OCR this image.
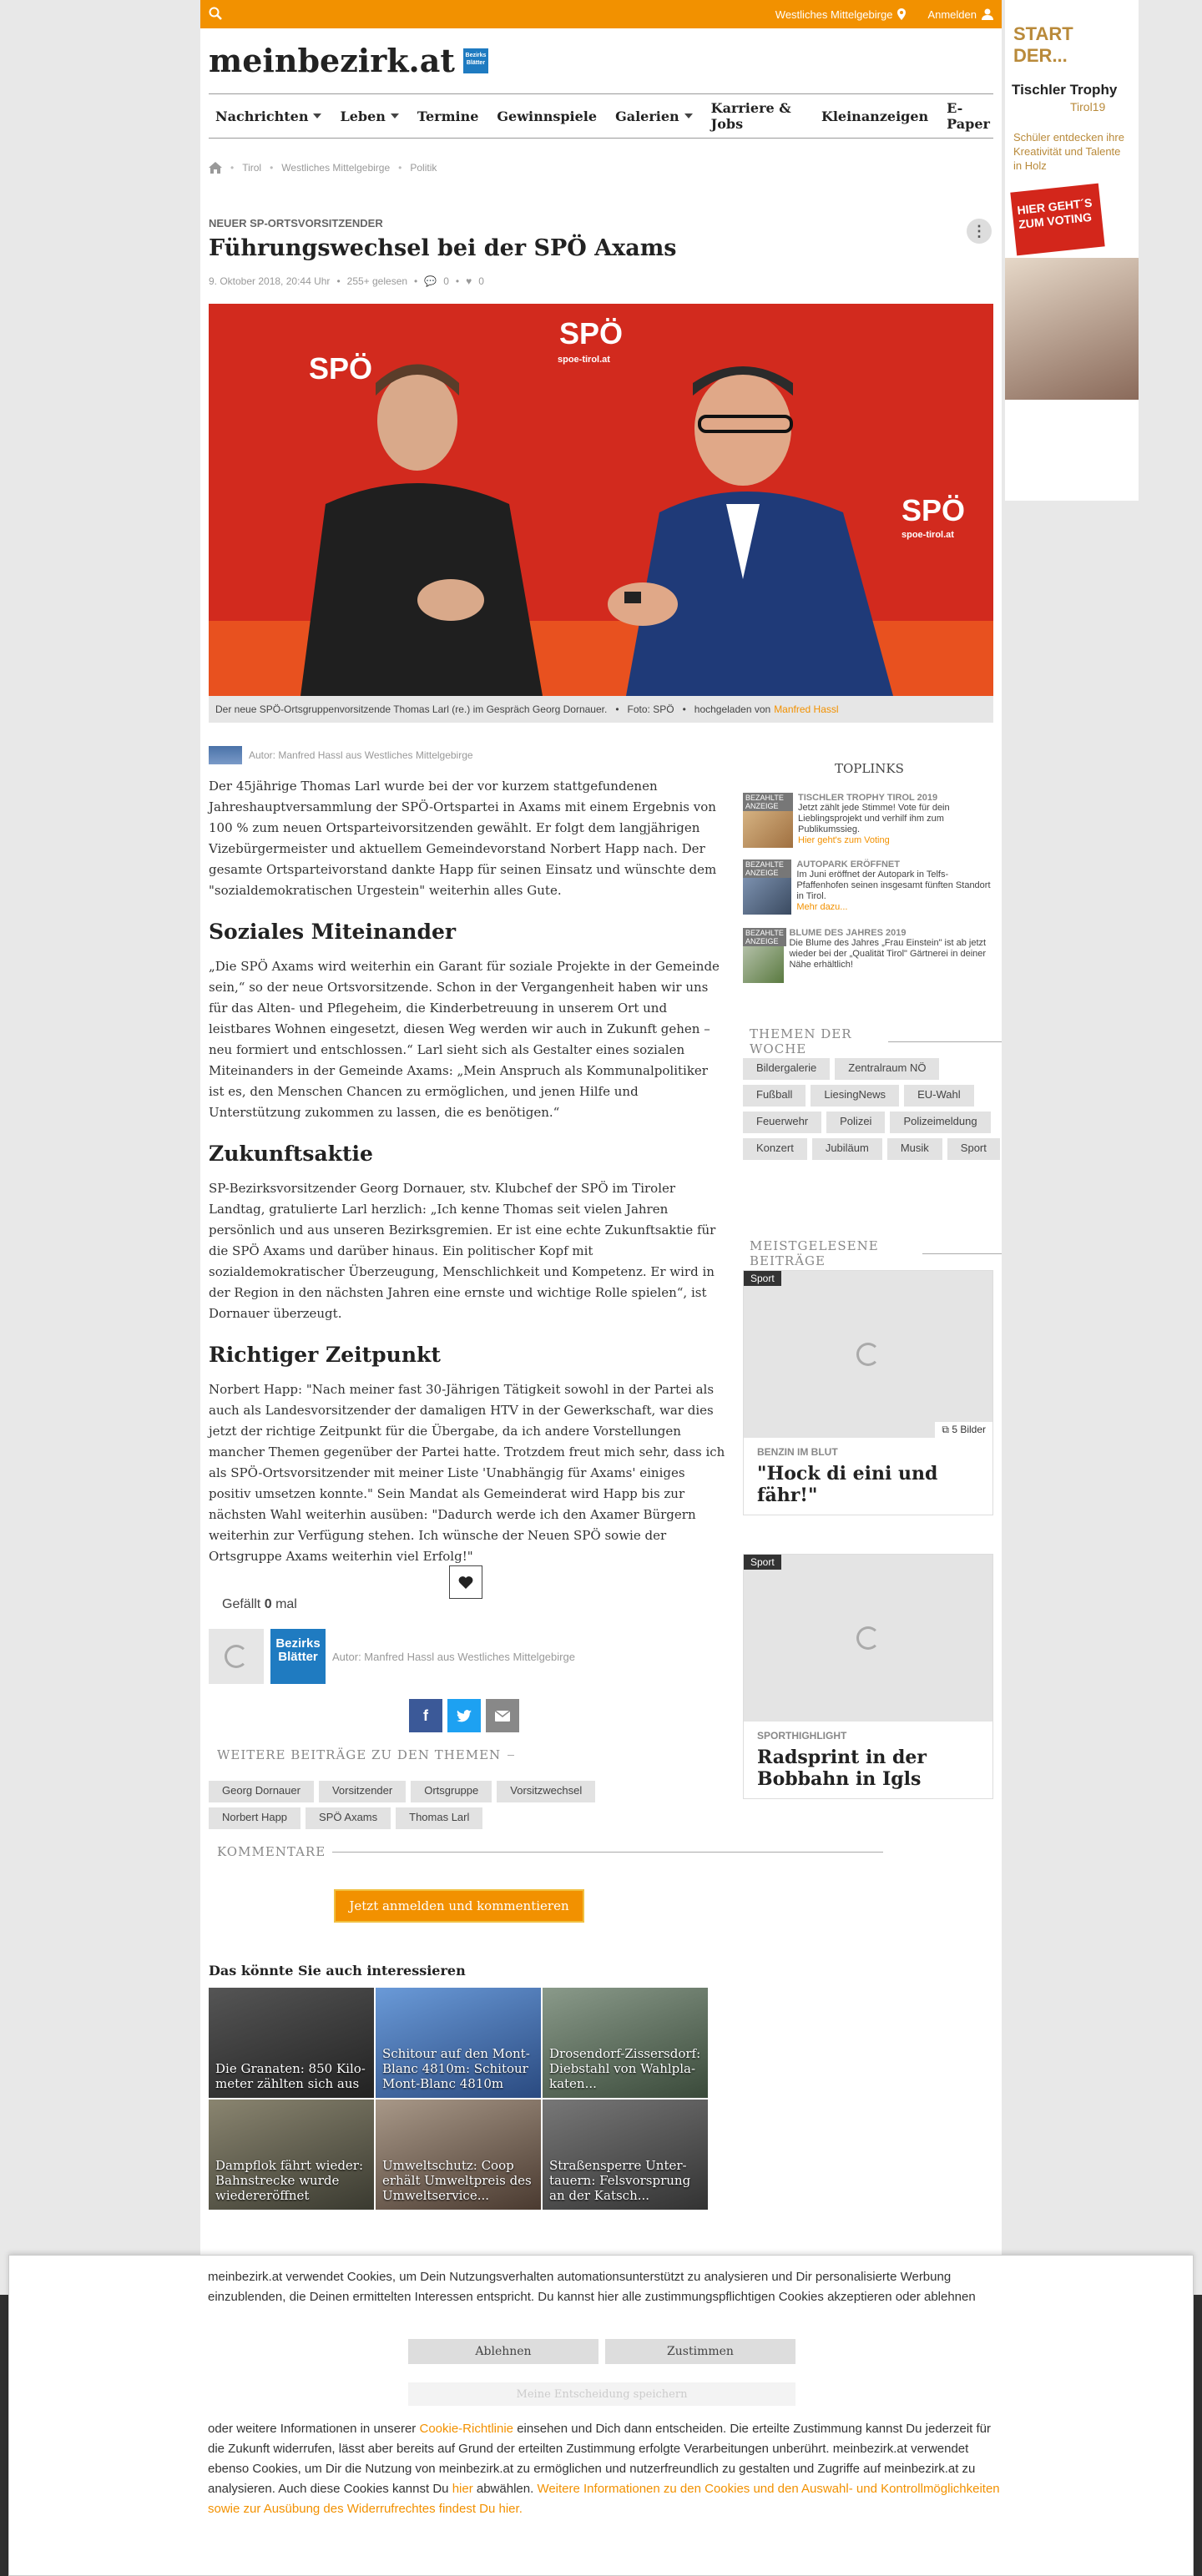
Westliches Mittelgebirge	Anmelden
meinbezirk.at	Bezirks
Blätter
Nachrichten Leben Termine Gewinnspiele Galerien Karriere & Jobs	Kleinanzeigen E-Paper
• Tirol • Westliches Mittelgebirge • Politik
NEUER SP-ORTSVORSITZENDER
Führungswechsel bei der SPÖ Axams
⋮
9. Oktober 2018, 20:44 Uhr • 255+ gelesen • 💬 0 • ♥ 0
SPÖ
SPÖ
SPÖ
spoe-tirol.at
spoe-tirol.at
Der neue SPÖ-Ortsgruppenvorsitzende Thomas Larl (re.) im Gespräch Georg Dornauer. • Foto: SPÖ • hochgeladen von Manfred Hassl
Autor: Manfred Hassl aus Westliches Mittelgebirge

Der 45jährige Thomas Larl wurde bei der vor kurzem stattgefundenen Jahreshauptversammlung der SPÖ-Ortspartei in Axams mit einem Ergebnis von 100 % zum neuen Ortsparteivorsitzenden gewählt. Er folgt dem langjährigen Vizebürgermeister und aktuellem Gemeindevorstand Norbert Happ nach. Der gesamte Ortsparteivorstand dankte Happ für seinen Einsatz und wünschte dem "sozialdemokratischen Urgestein" weiterhin alles Gute.

Soziales Miteinander

„Die SPÖ Axams wird weiterhin ein Garant für soziale Projekte in der Gemeinde sein,“ so der neue Ortsvorsitzende. Schon in der Vergangenheit haben wir uns für das Alten- und Pflegeheim, die Kinderbetreuung in unserem Ort und leistbares Wohnen eingesetzt, diesen Weg werden wir auch in Zukunft gehen – neu formiert und entschlossen.“ Larl sieht sich als Gestalter eines sozialen Miteinanders in der Gemeinde Axams: „Mein Anspruch als Kommunalpolitiker ist es, den Menschen Chancen zu ermöglichen, und jenen Hilfe und Unterstützung zukommen zu lassen, die es benötigen.“

Zukunftsaktie

SP-Bezirksvorsitzender Georg Dornauer, stv. Klubchef der SPÖ im Tiroler Landtag, gratulierte Larl herzlich: „Ich kenne Thomas seit vielen Jahren persönlich und aus unseren Bezirksgremien. Er ist eine echte Zukunftsaktie für die SPÖ Axams und darüber hinaus. Ein politischer Kopf mit sozialdemokratischer Überzeugung, Menschlichkeit und Kompetenz. Er wird in der Region in den nächsten Jahren eine ernste und wichtige Rolle spielen“, ist Dornauer überzeugt.

Richtiger Zeitpunkt

Norbert Happ: "Nach meiner fast 30-Jährigen Tätigkeit sowohl in der Partei als auch als Landesvorsitzender der damaligen HTV in der Gewerkschaft, war dies jetzt der richtige Zeitpunkt für die Übergabe, da ich andere Vorstellungen mancher Themen gegenüber der Partei hatte. Trotzdem freut mich sehr, dass ich als SPÖ-Ortsvorsitzender mit meiner Liste 'Unabhängig für Axams' einiges positiv umsetzen konnte." Sein Mandat als Gemeinderat wird Happ bis zur nächsten Wahl weiterhin ausüben: "Dadurch werde ich den Axamer Bürgern weiterhin zur Verfügung stehen. Ich wünsche der Neuen SPÖ sowie der Ortsgruppe Axams weiterhin viel Erfolg!"

Gefällt 0 mal
Bezirks
Blätter	Autor: Manfred Hassl aus Westliches Mittelgebirge
f
WEITERE BEITRÄGE ZU DEN THEMEN
Georg Dornauer	Vorsitzender	Ortsgruppe	Vorsitzwechsel
Norbert Happ	SPÖ Axams	Thomas Larl
KOMMENTARE
Jetzt anmelden und kommentieren
Das könnte Sie auch interessieren
Die Granaten: 850 Kilo-meter zählten sich aus
Schitour auf den Mont-Blanc 4810m: Schitour Mont-Blanc 4810m
Drosendorf-Zissersdorf: Diebstahl von Wahlpla-katen...
Dampflok fährt wieder: Bahnstrecke wurde wiedereröffnet
Umweltschutz: Coop erhält Umweltpreis des Umweltservice...
Straßensperre Unter-tauern: Felsvorsprung an der Katsch...
TOPLINKS
BEZAHLTE ANZEIGE
TISCHLER TROPHY TIROL 2019
Jetzt zählt jede Stimme! Vote für dein Lieblingsprojekt und verhilf ihm zum Publikumssieg.
Hier geht's zum Voting
BEZAHLTE ANZEIGE
AUTOPARK ERÖFFNET
Im Juni eröffnet der Autopark in Telfs-Pfaffenhofen seinen insgesamt fünften Standort in Tirol.
Mehr dazu...
BEZAHLTE ANZEIGE
BLUME DES JAHRES 2019
Die Blume des Jahres „Frau Einstein" ist ab jetzt wieder bei der „Qualität Tirol" Gärtnerei in deiner Nähe erhältlich!
THEMEN DER WOCHE
Bildergalerie	Zentralraum NÖ
Fußball	LiesingNews	EU-Wahl
Feuerwehr	Polizei	Polizeimeldung
Konzert	Jubiläum	Musik	Sport
MEISTGELESENE BEITRÄGE
Sport
⧉ 5 Bilder
BENZIN IM BLUT
"Hock di eini und fähr!"
Sport
SPORTHIGHLIGHT
Radsprint in der Bobbahn in Igls
START DER...
Tischler Trophy
Tirol19
Schüler entdecken ihre Kreativität und Talente in Holz
HIER GEHT´S ZUM VOTING
meinbezirk.at verwendet Cookies, um Dein Nutzungsverhalten automationsunterstützt zu analysieren und Dir personalisierte Werbung einzublenden, die Deinen ermittelten Interessen entspricht. Du kannst hier alle zustimmungspflichtigen Cookies akzeptieren oder ablehnen
Ablehnen	Zustimmen
Meine Entscheidung speichern
oder weitere Informationen in unserer Cookie-Richtlinie einsehen und Dich dann entscheiden. Die erteilte Zustimmung kannst Du jederzeit für die Zukunft widerrufen, lässt aber bereits auf Grund der erteilten Zustimmung erfolgte Verarbeitungen unberührt. meinbezirk.at verwendet ebenso Cookies, um Dir die Nutzung von meinbezirk.at zu ermöglichen und nutzerfreundlich zu gestalten und Zugriffe auf meinbezirk.at zu analysieren. Auch diese Cookies kannst Du hier abwählen. Weitere Informationen zu den Cookies und den Auswahl- und Kontrollmöglichkeiten sowie zur Ausübung des Widerrufrechtes findest Du hier.
